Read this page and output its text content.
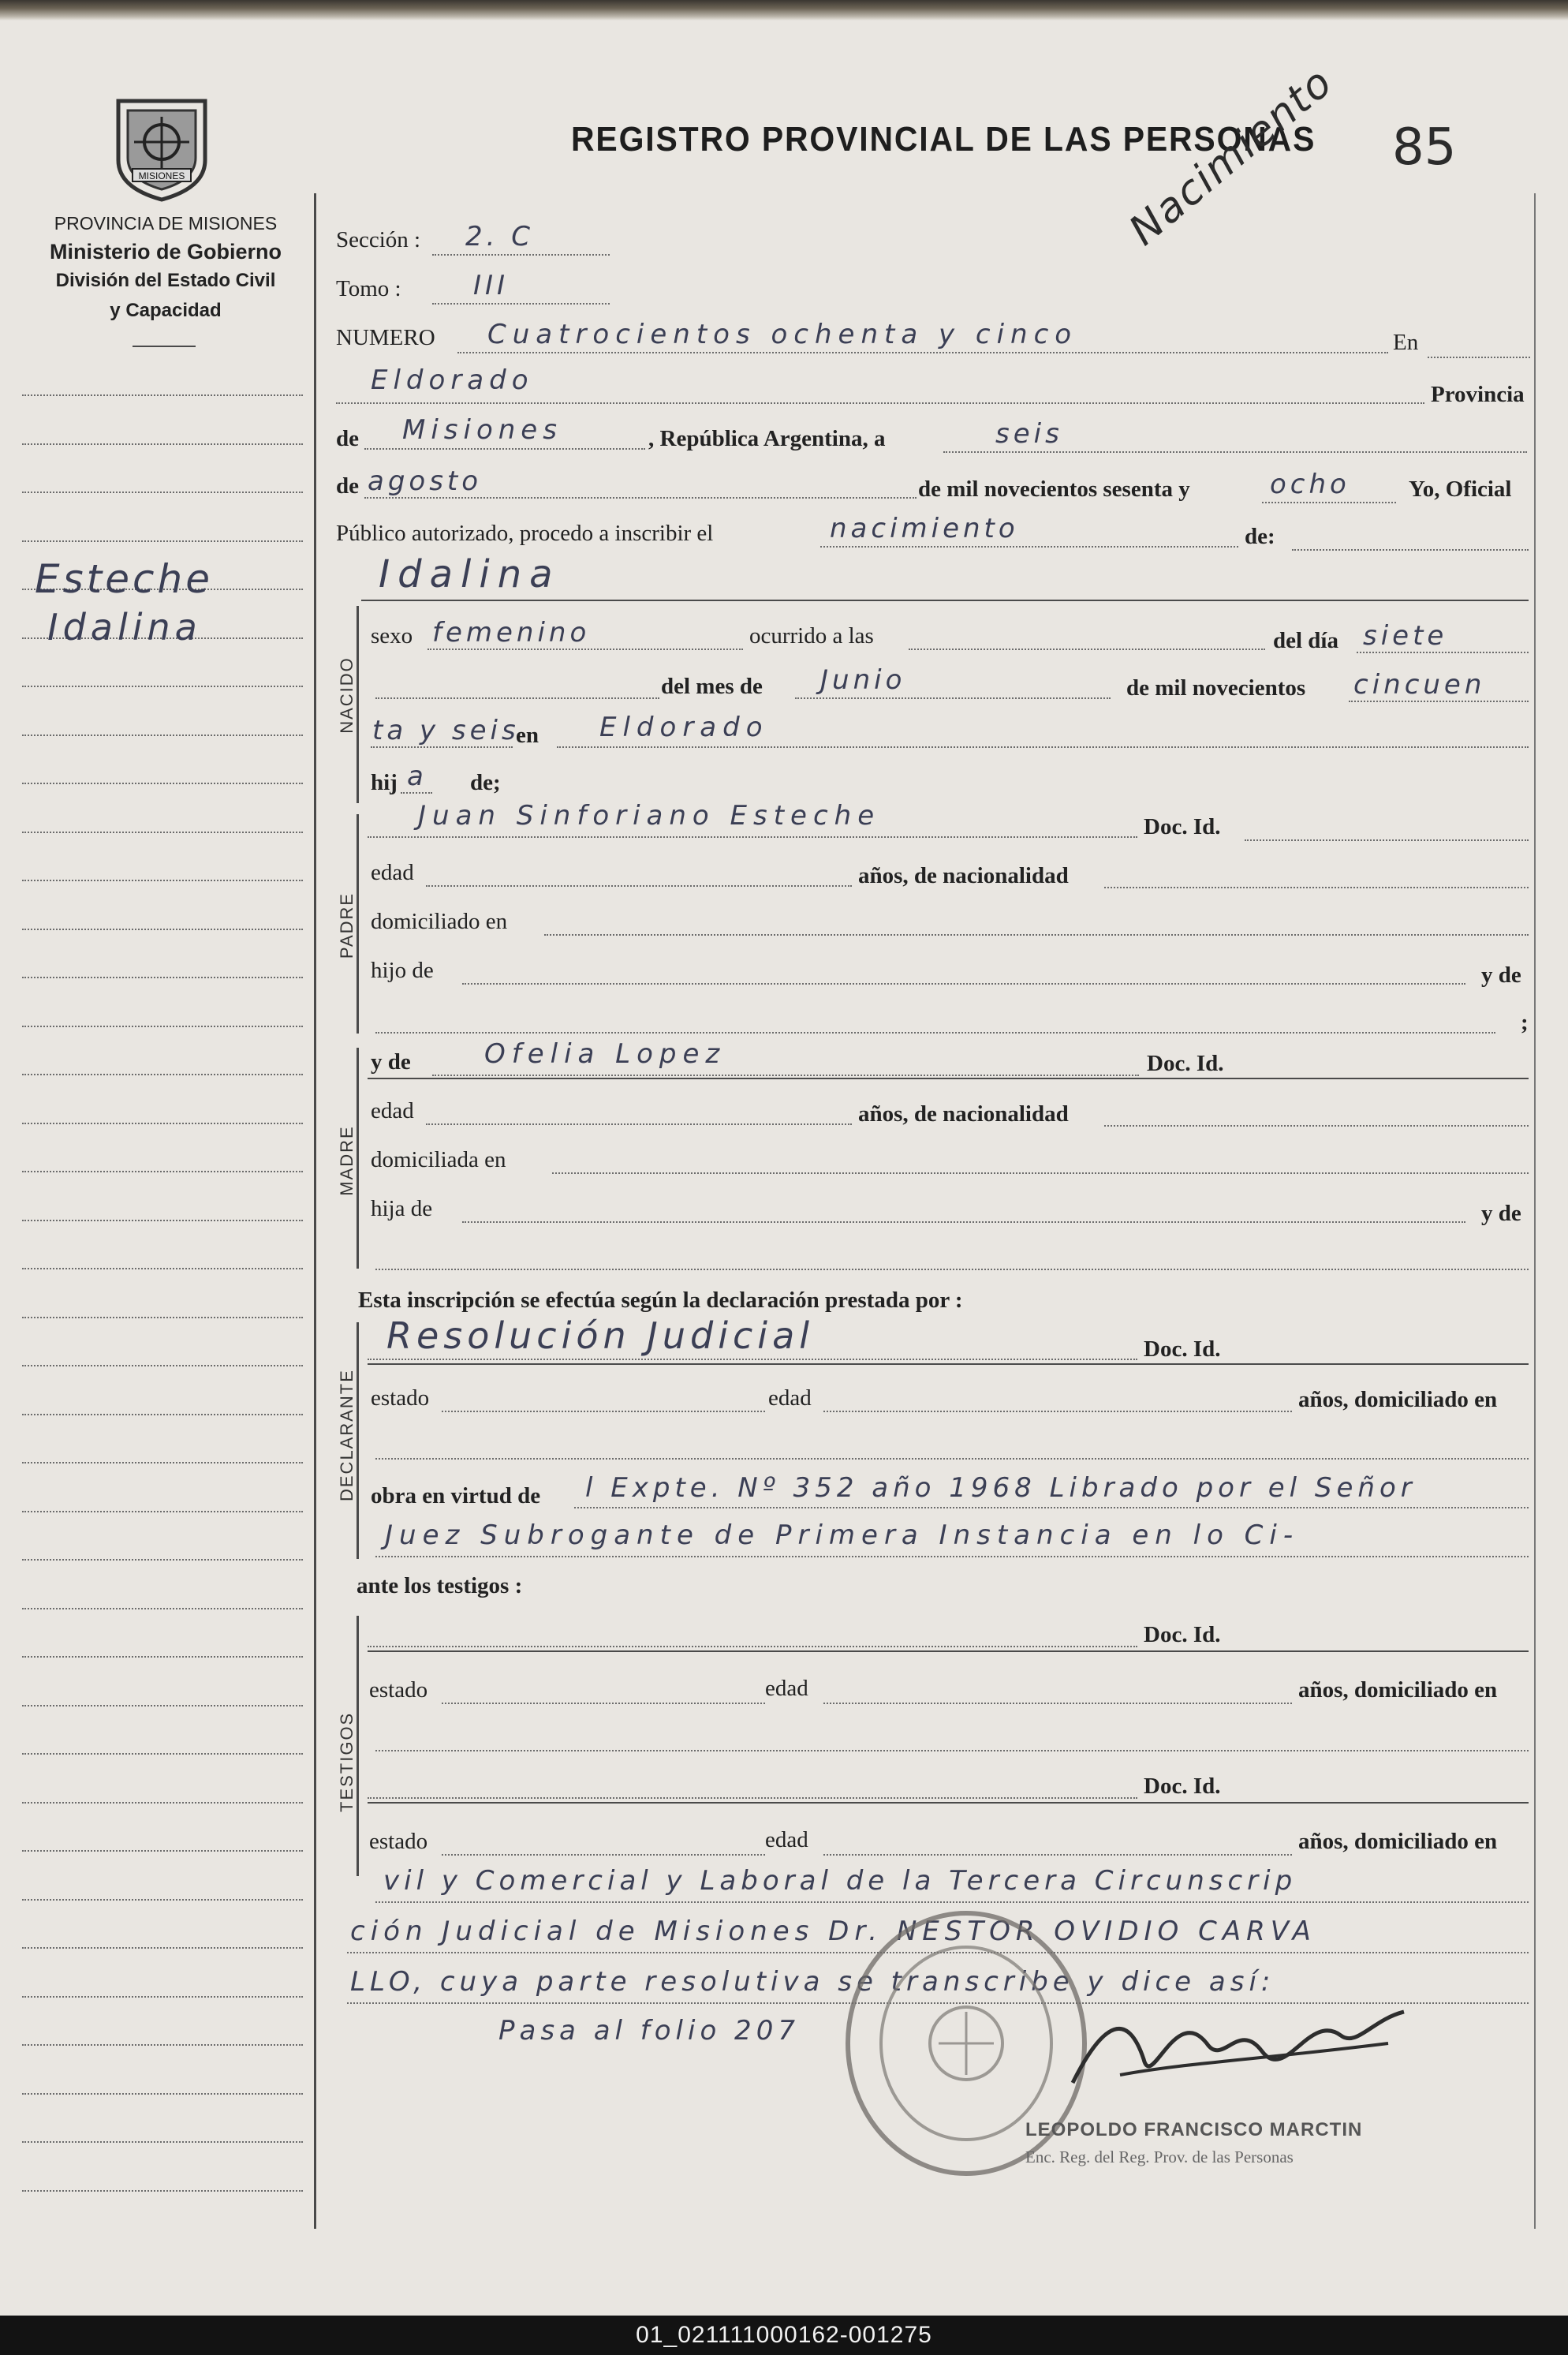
MISIONES
PROVINCIA DE MISIONES
Ministerio de Gobierno
División del Estado Civil
y Capacidad
REGISTRO PROVINCIAL DE LAS PERSONAS
Nacimiento 85
Esteche
Idalina
Sección : 2. C
Tomo :	III
NUMERO Cuatrocientos ochenta y cinco	En
Eldorado	Provincia
de Misiones	, República Argentina, a	seis
de agosto	de mil novecientos sesenta y	ocho	Yo, Oficial
Público autorizado, procedo a inscribir el	nacimiento	de:
Idalina
NACIDO
sexo femenino	ocurrido a las	del día siete
del mes de Junio	de mil novecientos cincuen
ta y seis
en Eldorado
hij a de;
PADRE
Juan Sinforiano Esteche	Doc. Id.
edad	años, de nacionalidad
domiciliado en
hijo de	y de
;
MADRE
y de	Ofelia Lopez	Doc. Id.
edad	años, de nacionalidad
domiciliada en
hija de	y de
Esta inscripción se efectúa según la declaración prestada por :
DECLARANTE
Resolución Judicial	Doc. Id.
estado	edad	años, domiciliado en
obra en virtud de l Expte. Nº 352 año 1968 Librado por el Señor
Juez Subrogante de Primera Instancia en lo Ci-
ante los testigos :
TESTIGOS
Doc. Id.
estado	edad	años, domiciliado en
Doc. Id.
estado	edad	años, domiciliado en
vil y Comercial y Laboral de la Tercera Circunscrip
ción Judicial de Misiones Dr. NESTOR OVIDIO CARVA
LLO, cuya parte resolutiva se transcribe y dice así:
Pasa al folio 207
LEOPOLDO FRANCISCO MARCTIN
Enc. Reg. del Reg. Prov. de las Personas
01_021111000162-001275
